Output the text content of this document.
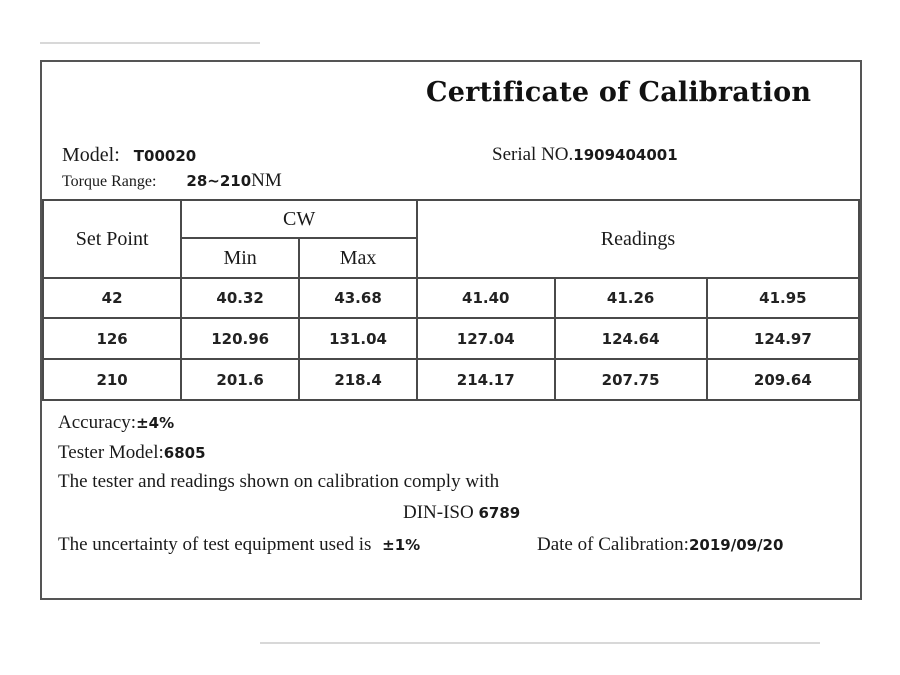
Certificate of Calibration
Model: T00020
Torque Range: 28~210NM
Serial NO.1909404001
Set Point	CW		Readings		
	Min	Max			
42	40.32	43.68	41.40	41.26	41.95
126	120.96	131.04	127.04	124.64	124.97
210	201.6	218.4	214.17	207.75	209.64
Accuracy:±4%
Tester Model:6805
The tester and readings shown on calibration comply with
DIN-ISO 6789
The uncertainty of test equipment used is ±1%	Date of Calibration:2019/09/20
